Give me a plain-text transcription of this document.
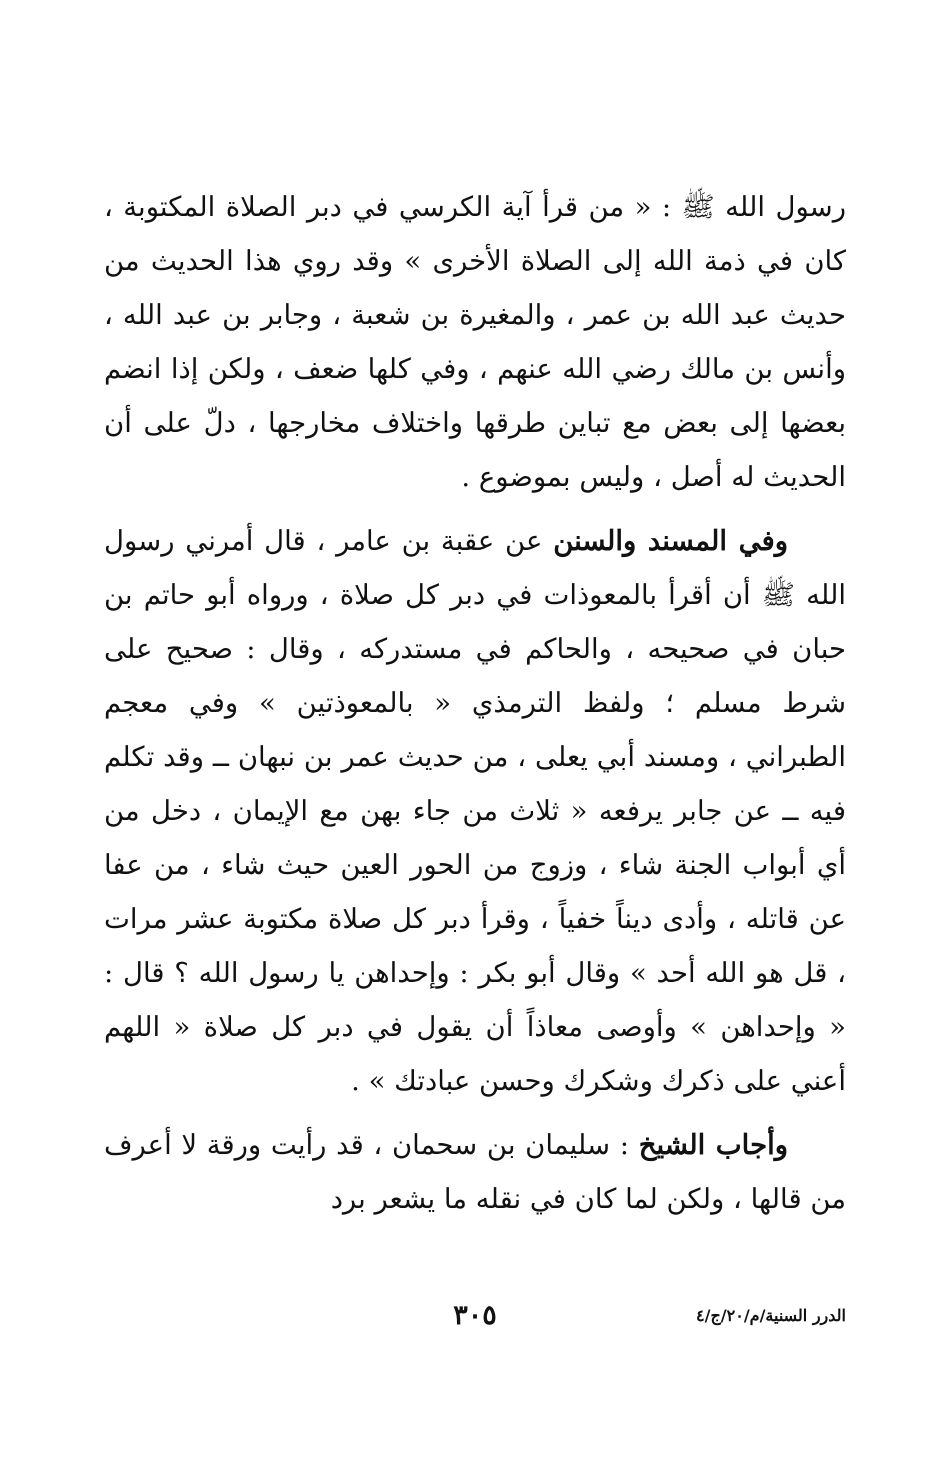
رسول الله ﷺ : « من قرأ آية الكرسي في دبر الصلاة المكتوبة ، كان في ذمة الله إلى الصلاة الأخرى » وقد روي هذا الحديث من حديث عبد الله بن عمر ، والمغيرة بن شعبة ، وجابر بن عبد الله ، وأنس بن مالك رضي الله عنهم ، وفي كلها ضعف ، ولكن إذا انضم بعضها إلى بعض مع تباين طرقها واختلاف مخارجها ، دلّ على أن الحديث له أصل ، وليس بموضوع .

وفي المسند والسنن عن عقبة بن عامر ، قال أمرني رسول الله ﷺ أن أقرأ بالمعوذات في دبر كل صلاة ، ورواه أبو حاتم بن حبان في صحيحه ، والحاكم في مستدركه ، وقال : صحيح على شرط مسلم ؛ ولفظ الترمذي « بالمعوذتين » وفي معجم الطبراني ، ومسند أبي يعلى ، من حديث عمر بن نبهان ــ وقد تكلم فيه ــ عن جابر يرفعه « ثلاث من جاء بهن مع الإيمان ، دخل من أي أبواب الجنة شاء ، وزوج من الحور العين حيث شاء ، من عفا عن قاتله ، وأدى ديناً خفياً ، وقرأ دبر كل صلاة مكتوبة عشر مرات ، قل هو الله أحد » وقال أبو بكر : وإحداهن يا رسول الله ؟ قال : « وإحداهن » وأوصى معاذاً أن يقول في دبر كل صلاة « اللهم أعني على ذكرك وشكرك وحسن عبادتك » .

وأجاب الشيخ : سليمان بن سحمان ، قد رأيت ورقة لا أعرف من قالها ، ولكن لما كان في نقله ما يشعر برد

٣٠٥	الدرر السنية/م/٢٠/ج/٤
